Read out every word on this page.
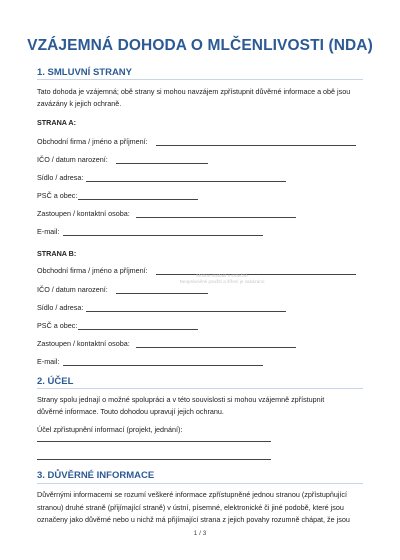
VZÁJEMNÁ DOHODA O MLČENLIVOSTI (NDA)
1. SMLUVNÍ STRANY
Tato dohoda je vzájemná; obě strany si mohou navzájem zpřístupnit důvěrné informace a obě jsou
zavázány k jejich ochraně.
STRANA A:
Obchodní firma / jméno a příjmení:
IČO / datum narození:
Sídlo / adresa:
PSČ a obec:
Zastoupen / kontaktní osoba:
E-mail:
STRANA B:
Obchodní firma / jméno a příjmení:
IČO / datum narození:
Sídlo / adresa:
PSČ a obec:
Zastoupen / kontaktní osoba:
E-mail:
2. ÚČEL
Strany spolu jednají o možné spolupráci a v této souvislosti si mohou vzájemně zpřístupnit
důvěrné informace. Touto dohodou upravují jejich ochranu.
Účel zpřístupnění informací (projekt, jednání):
3. DŮVĚRNÉ INFORMACE
Důvěrnými informacemi se rozumí veškeré informace zpřístupněné jednou stranou (zpřístupňující
stranou) druhé straně (přijímající straně) v ústní, písemné, elektronické či jiné podobě, které jsou
označeny jako důvěrné nebo u nichž má přijímající strana z jejich povahy rozumně chápat, že jsou
Mohou kontakt v srdečně
Neoprávněné použití a šíření je zakázáno
1 / 3
